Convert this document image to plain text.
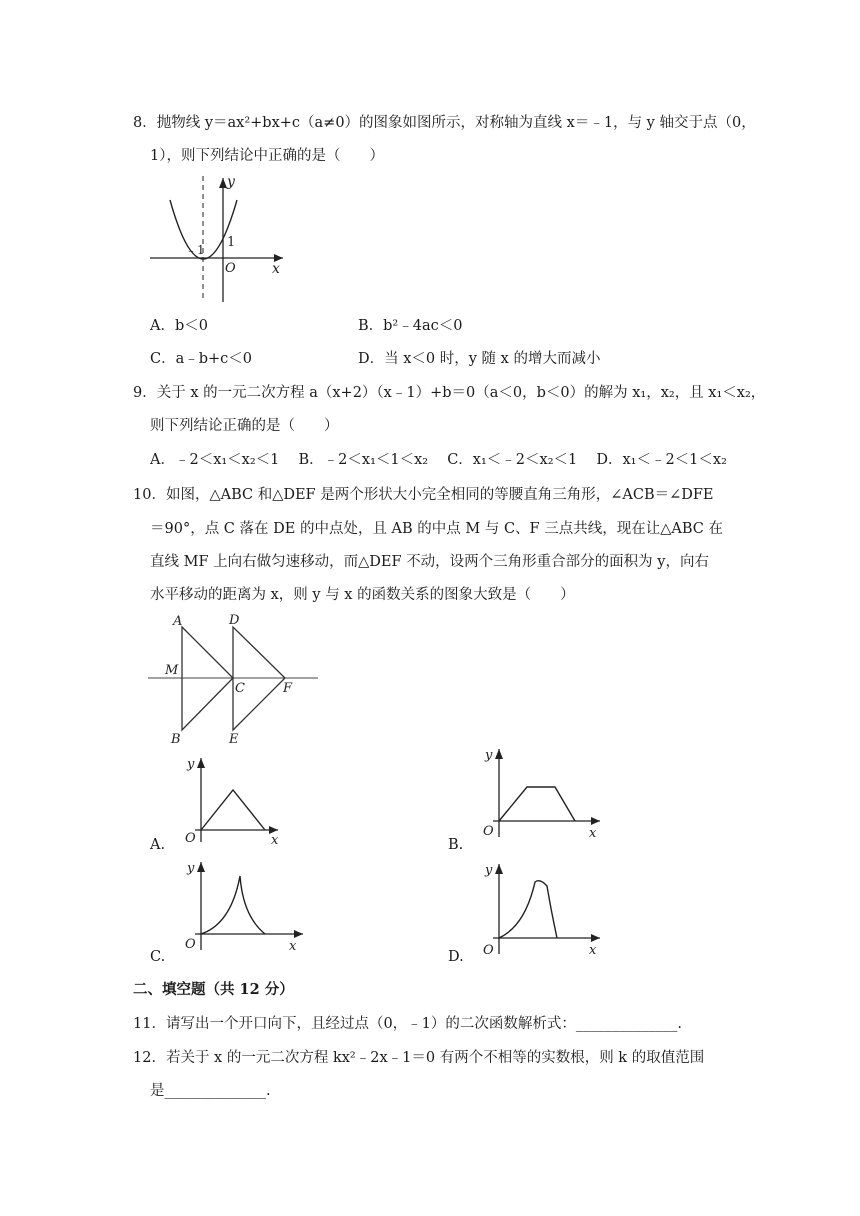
8．抛物线 y＝ax²+bx+c（a≠0）的图象如图所示，对称轴为直线 x＝﹣1，与 y 轴交于点（0，
1），则下列结论中正确的是（　　）
y
x
O
1
﹣1
A．b＜0	B．b²﹣4ac＜0
C．a﹣b+c＜0	D．当 x＜0 时，y 随 x 的增大而减小
9．关于 x 的一元二次方程 a（x+2）（x﹣1）+b＝0（a＜0，b＜0）的解为 x₁，x₂，且 x₁＜x₂，
则下列结论正确的是（　　）
A．﹣2＜x₁＜x₂＜1　 B．﹣2＜x₁＜1＜x₂　 C．x₁＜﹣2＜x₂＜1　 D．x₁＜﹣2＜1＜x₂
10．如图，△ABC 和△DEF 是两个形状大小完全相同的等腰直角三角形，∠ACB＝∠DFE
＝90°，点 C 落在 DE 的中点处，且 AB 的中点 M 与 C、F 三点共线，现在让△ABC 在
直线 MF 上向右做匀速移动，而△DEF 不动，设两个三角形重合部分的面积为 y，向右
水平移动的距离为 x，则 y 与 x 的函数关系的图象大致是（　　）
A
B
M
C
D
E
F
A.
y
O	x	B.
y
O	x
C.
y
O	x
D.
y
O	x
二、填空题（共 12 分）
11．请写出一个开口向下，且经过点（0，﹣1）的二次函数解析式：______________.
12．若关于 x 的一元二次方程 kx²﹣2x﹣1＝0 有两个不相等的实数根，则 k 的取值范围
是______________.
